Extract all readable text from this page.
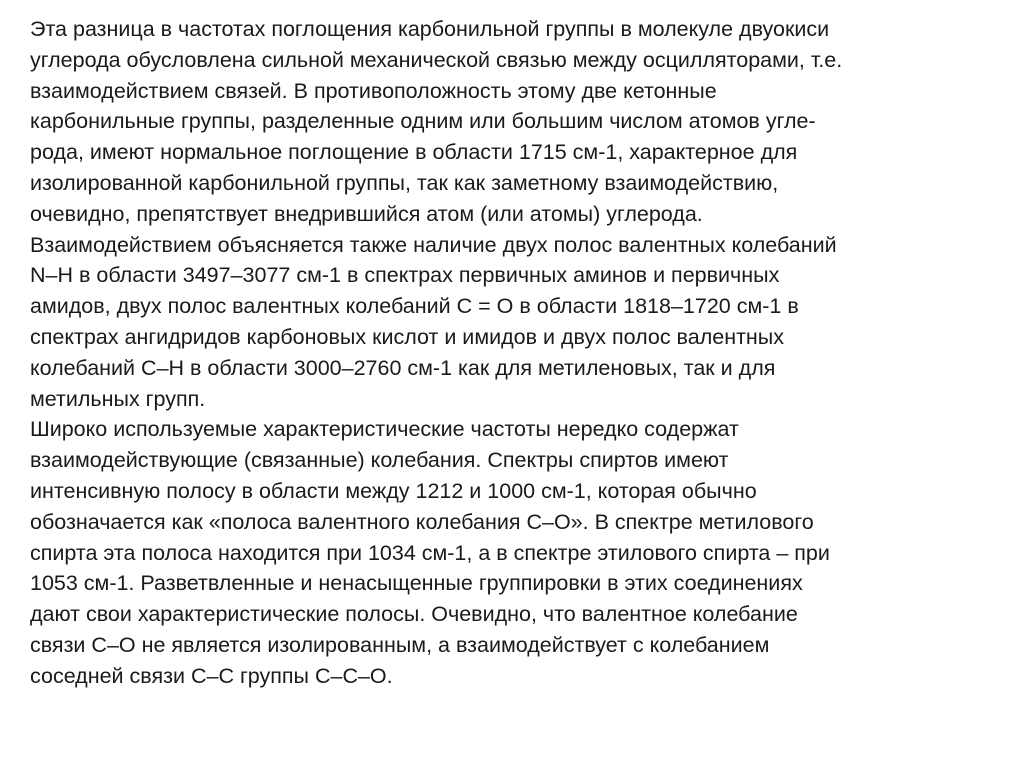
Эта разница в частотах поглощения карбонильной группы в молекуле двуокиси
углерода обусловлена сильной механической связью между осцилляторами, т.е.
взаимодействием связей. В противоположность этому две кетонные
карбонильные группы, разделенные одним или большим числом атомов угле-
рода, имеют нормальное поглощение в области 1715 см-1, характерное для
изолированной карбонильной группы, так как заметному взаимодействию,
очевидно, препятствует внедрившийся атом (или атомы) углерода.
Взаимодействием объясняется также наличие двух полос валентных колебаний
N–H в области 3497–3077 см-1 в спектрах первичных аминов и первичных
амидов, двух полос валентных колебаний C = O в области 1818–1720 см-1 в
спектрах ангидридов карбоновых кислот и имидов и двух полос валентных
колебаний C–H в области 3000–2760 см-1 как для метиленовых, так и для
метильных групп.
Широко используемые характеристические частоты нередко содержат
взаимодействующие (связанные) колебания. Спектры спиртов имеют
интенсивную полосу в области между 1212 и 1000 см-1, которая обычно
обозначается как «полоса валентного колебания C–O». В спектре метилового
спирта эта полоса находится при 1034 см-1, а в спектре этилового спирта – при
1053 см-1. Разветвленные и ненасыщенные группировки в этих соединениях
дают свои характеристические полосы. Очевидно, что валентное колебание
связи C–O не является изолированным, а взаимодействует с колебанием
соседней связи C–C группы C–C–O.
